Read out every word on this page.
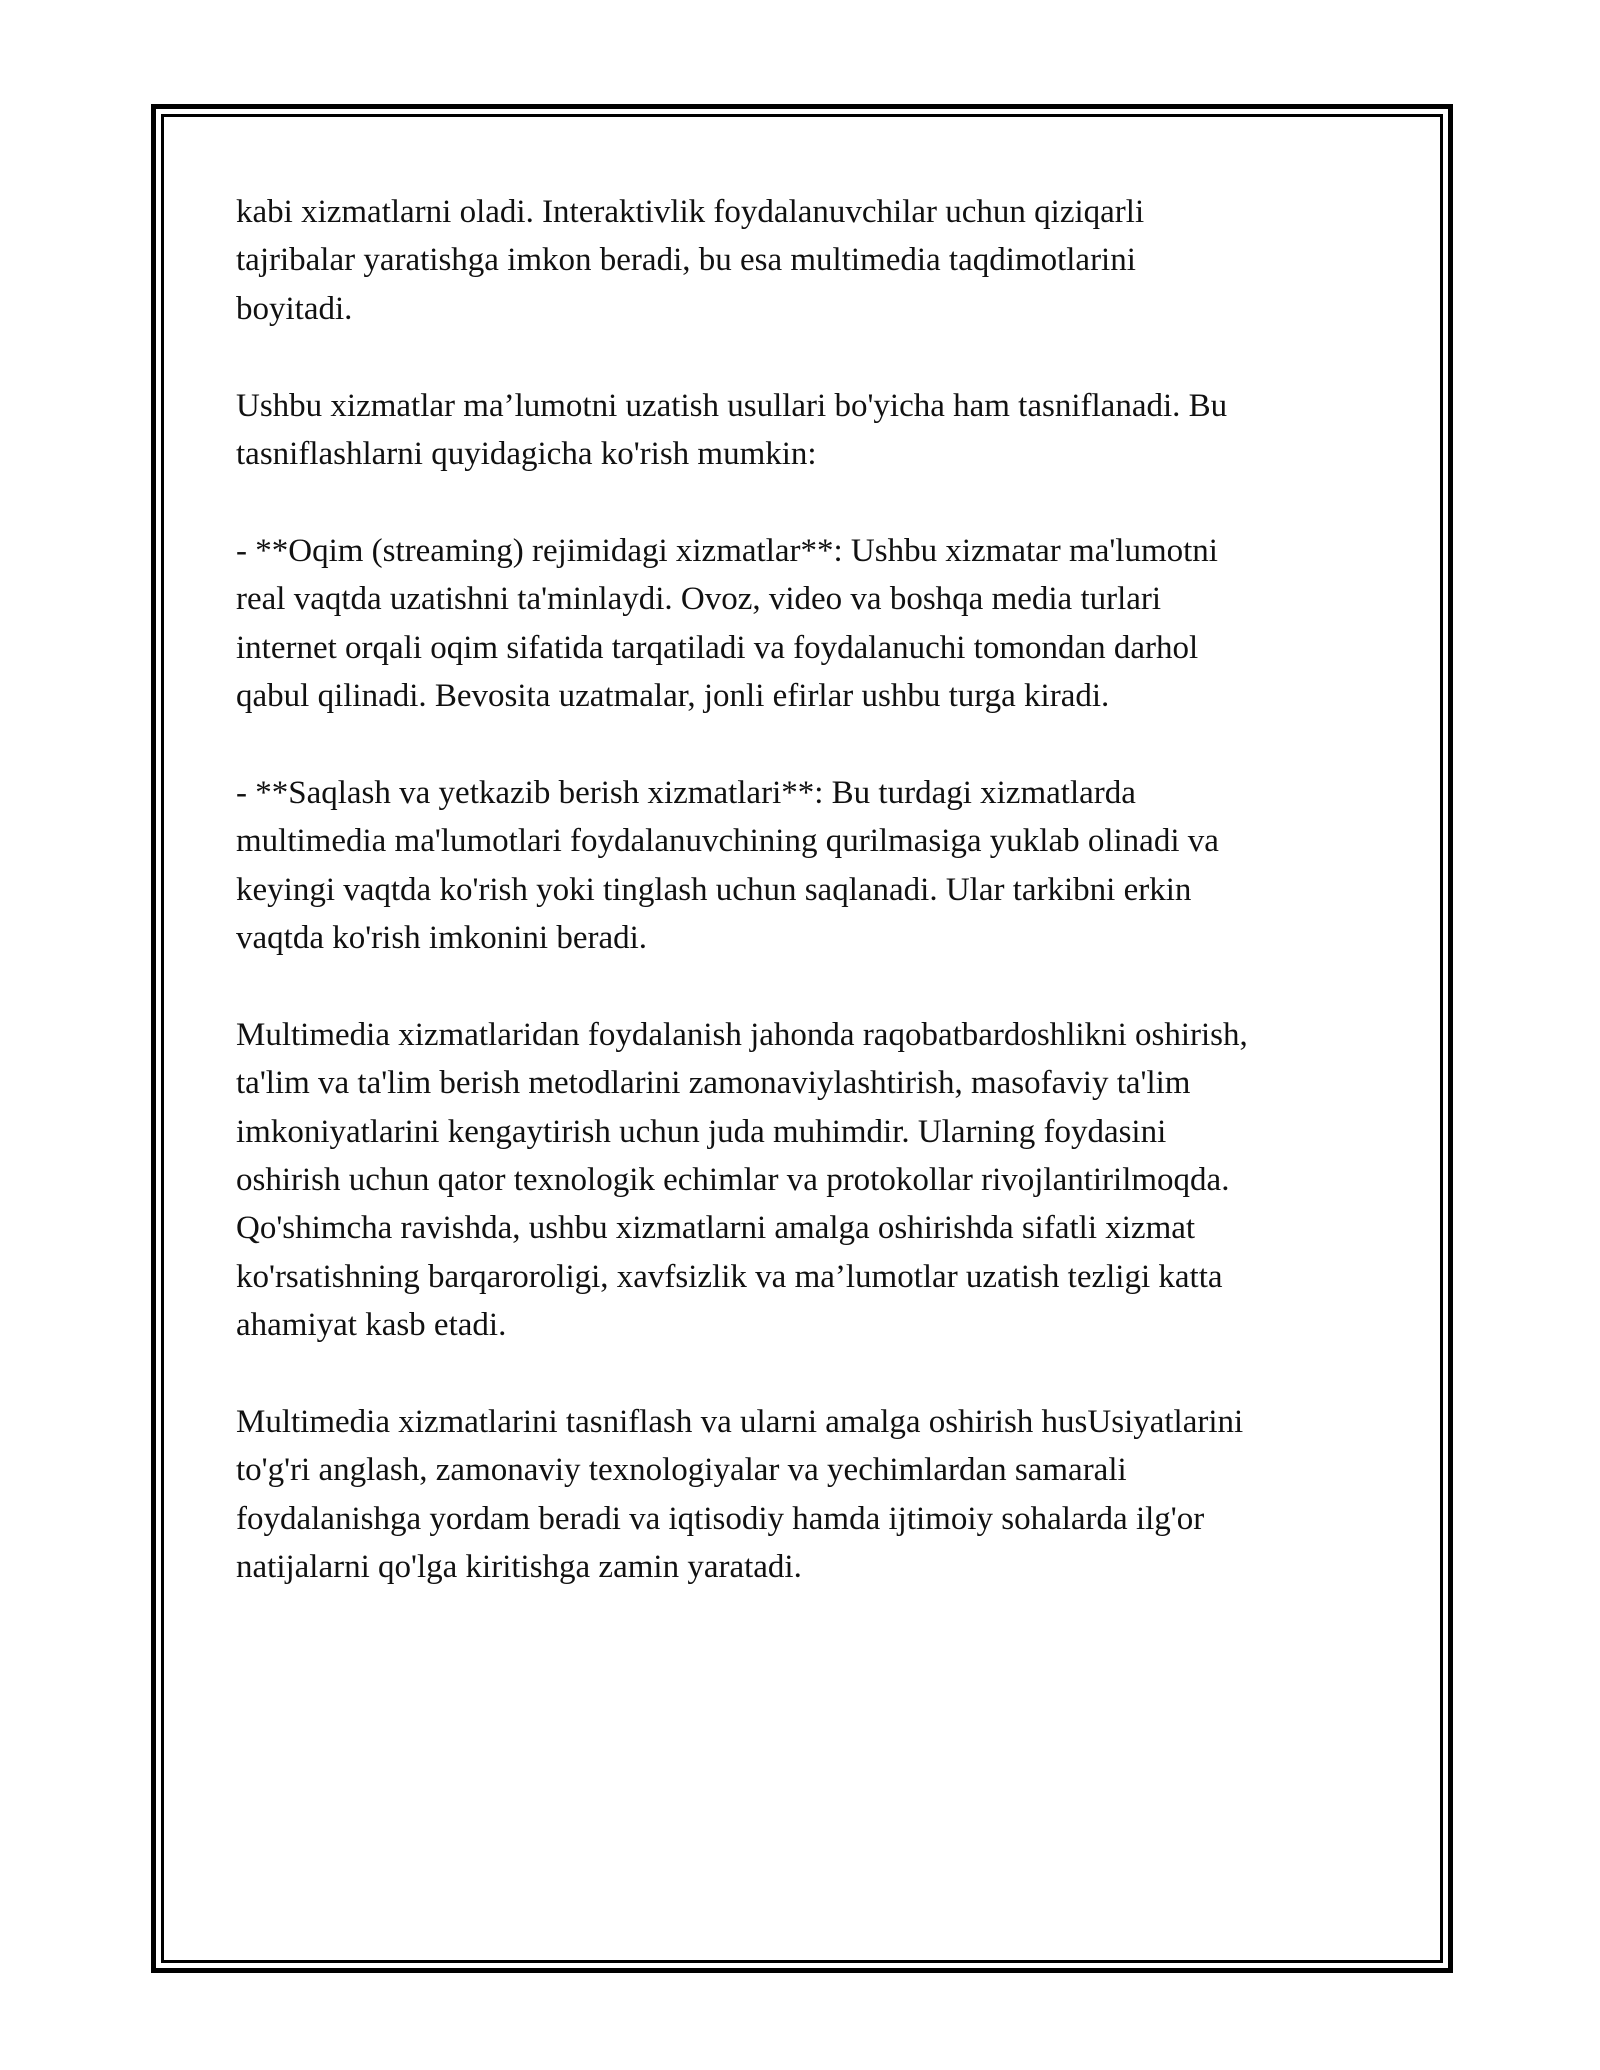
kabi xizmatlarni oladi. Interaktivlik foydalanuvchilar uchun qiziqarli
tajribalar yaratishga imkon beradi, bu esa multimedia taqdimotlarini
boyitadi.

Ushbu xizmatlar ma’lumotni uzatish usullari bo'yicha ham tasniflanadi. Bu
tasniflashlarni quyidagicha ko'rish mumkin:

- **Oqim (streaming) rejimidagi xizmatlar**: Ushbu xizmatar ma'lumotni
real vaqtda uzatishni ta'minlaydi. Ovoz, video va boshqa media turlari
internet orqali oqim sifatida tarqatiladi va foydalanuchi tomondan darhol
qabul qilinadi. Bevosita uzatmalar, jonli efirlar ushbu turga kiradi.

- **Saqlash va yetkazib berish xizmatlari**: Bu turdagi xizmatlarda
multimedia ma'lumotlari foydalanuvchining qurilmasiga yuklab olinadi va
keyingi vaqtda ko'rish yoki tinglash uchun saqlanadi. Ular tarkibni erkin
vaqtda ko'rish imkonini beradi.

Multimedia xizmatlaridan foydalanish jahonda raqobatbardoshlikni oshirish,
ta'lim va ta'lim berish metodlarini zamonaviylashtirish, masofaviy ta'lim
imkoniyatlarini kengaytirish uchun juda muhimdir. Ularning foydasini
oshirish uchun qator texnologik echimlar va protokollar rivojlantirilmoqda.
Qo'shimcha ravishda, ushbu xizmatlarni amalga oshirishda sifatli xizmat
ko'rsatishning barqarorоligi, xavfsizlik va ma’lumotlar uzatish tezligi katta
ahamiyat kasb etadi.

Multimedia xizmatlarini tasniflash va ularni amalga oshirish husUsiyatlarini
to'g'ri anglash, zamonaviy texnologiyalar va yechimlardan samarali
foydalanishga yordam beradi va iqtisodiy hamda ijtimoiy sohalarda ilg'or
natijalarni qo'lga kiritishga zamin yaratadi.
